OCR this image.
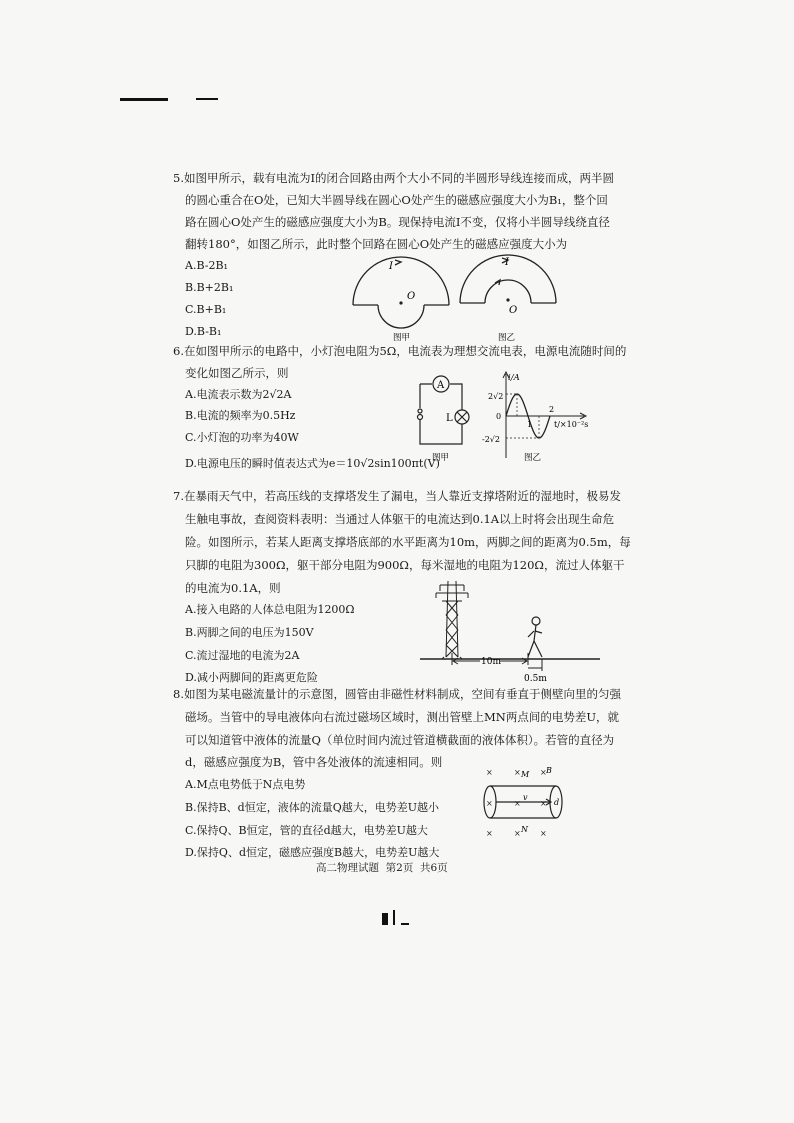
5.如图甲所示，载有电流为I的闭合回路由两个大小不同的半圆形导线连接而成，两半圆
的圆心重合在O处，已知大半圆导线在圆心O处产生的磁感应强度大小为B₁，整个回
路在圆心O处产生的磁感应强度大小为B。现保持电流I不变，仅将小半圆导线绕直径
翻转180°，如图乙所示，此时整个回路在圆心O处产生的磁感应强度大小为
A.B-2B₁
B.B+2B₁
C.B+B₁
D.B-B₁
I
O
图甲
I
O
图乙
6.在如图甲所示的电路中，小灯泡电阻为5Ω，电流表为理想交流电表，电源电流随时间的
变化如图乙所示，则
A.电流表示数为2√2A
B.电流的频率为0.5Hz
C.小灯泡的功率为40W
D.电源电压的瞬时值表达式为e＝10√2sin100πt(V)
A
L
图甲
i/A
t/×10⁻²s
2√2
0
-2√2
1
2
图乙
7.在暴雨天气中，若高压线的支撑塔发生了漏电，当人靠近支撑塔附近的湿地时，极易发
生触电事故，查阅资料表明：当通过人体躯干的电流达到0.1A以上时将会出现生命危
险。如图所示，若某人距离支撑塔底部的水平距离为10m，两脚之间的距离为0.5m，每
只脚的电阻为300Ω，躯干部分电阻为900Ω，每米湿地的电阻为120Ω，流过人体躯干
的电流为0.1A，则
A.接入电路的人体总电阻为1200Ω
B.两脚之间的电压为150V
C.流过湿地的电流为2A
D.减小两脚间的距离更危险
10m
0.5m
8.如图为某电磁流量计的示意图，圆管由非磁性材料制成，空间有垂直于侧壁向里的匀强
磁场。当管中的导电液体向右流过磁场区域时，测出管壁上MN两点间的电势差U，就
可以知道管中液体的流量Q（单位时间内流过管道横截面的液体体积）。若管的直径为
d，磁感应强度为B，管中各处液体的流速相同。则
A.M点电势低于N点电势
B.保持B、d恒定，液体的流量Q越大，电势差U越小
C.保持Q、B恒定，管的直径d越大，电势差U越大
D.保持Q、d恒定，磁感应强度B越大，电势差U越大
×	× ×
×	× ×
×	× ×
M
N
B
v
d
高二物理试题  第2页  共6页
